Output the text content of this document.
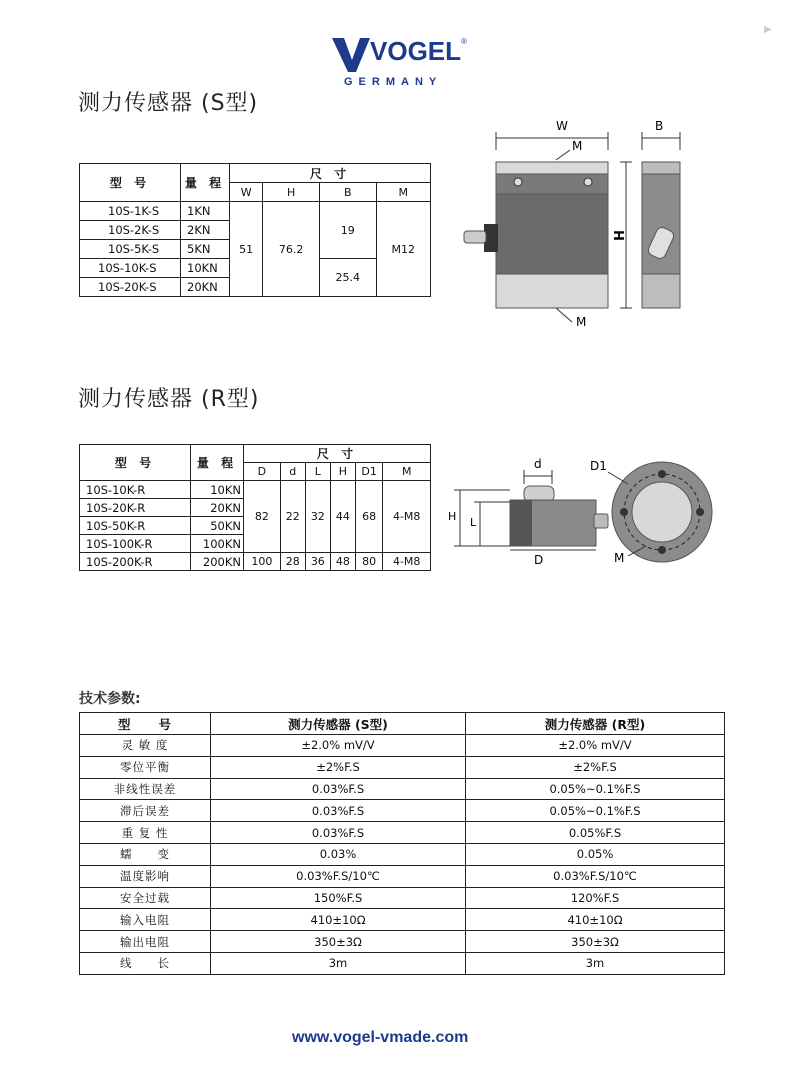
VOGEL ®
GERMANY
▶
测力传感器 (S型)
型 号	量 程	尺 寸			
		W	H	B	M
10S-1K-S	1KN	51	76.2	19	M12
10S-2K-S	2KN				
10S-5K-S	5KN				
10S-10K-S	10KN			25.4	
10S-20K-S	20KN				
W	B
M
H
M
测力传感器 (R型)
型 号	量 程	尺 寸					
		D	d	L	H	D1	M
10S-10K-R	10KN	82	22	32	44	68	4-M8
10S-20K-R	20KN						
10S-50K-R	50KN						
10S-100K-R	100KN						
10S-200K-R	200KN	100	28	36	48	80	4-M8
d
H L
D
D1
M
技术参数:
型　　号	测力传感器 (S型)	测力传感器 (R型)
灵 敏 度	±2.0% mV/V	±2.0% mV/V
零位平衡	±2%F.S	±2%F.S
非线性误差	0.03%F.S	0.05%~0.1%F.S
滞后误差	0.03%F.S	0.05%~0.1%F.S
重 复 性	0.03%F.S	0.05%F.S
蠕　　变	0.03%	0.05%
温度影响	0.03%F.S/10℃	0.03%F.S/10℃
安全过载	150%F.S	120%F.S
输入电阻	410±10Ω	410±10Ω
输出电阻	350±3Ω	350±3Ω
线　　长	3m	3m
www.vogel-vmade.com
